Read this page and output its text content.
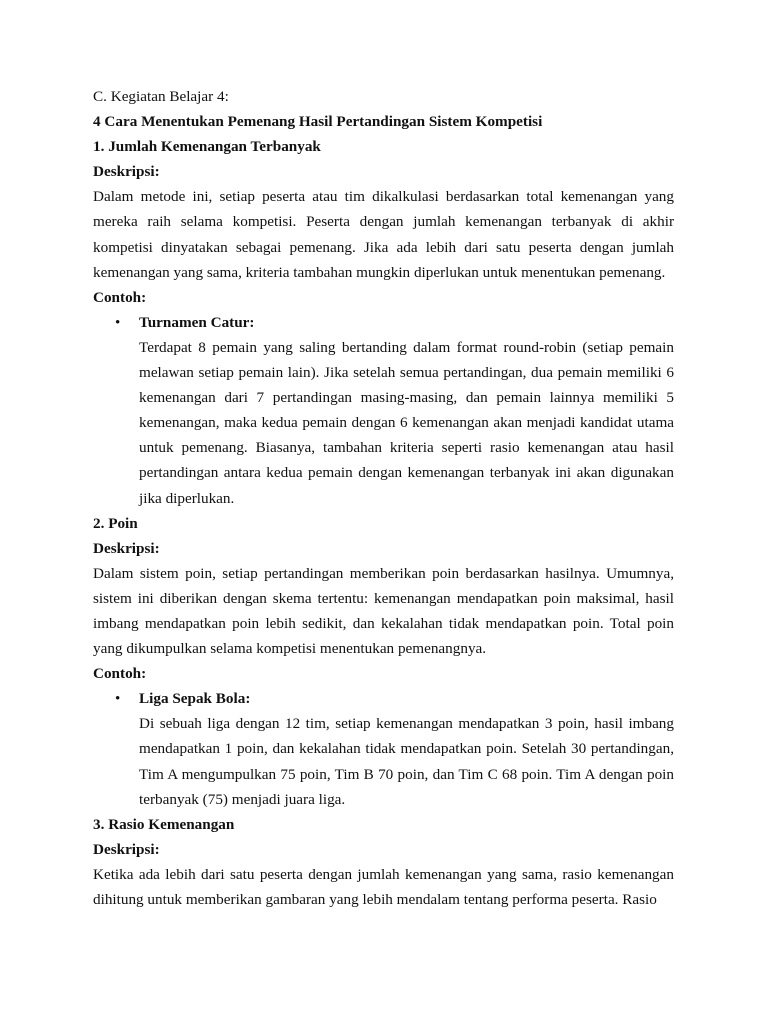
C. Kegiatan Belajar 4:

4 Cara Menentukan Pemenang Hasil Pertandingan Sistem Kompetisi

1. Jumlah Kemenangan Terbanyak

Deskripsi:

Dalam metode ini, setiap peserta atau tim dikalkulasi berdasarkan total kemenangan yang mereka raih selama kompetisi. Peserta dengan jumlah kemenangan terbanyak di akhir kompetisi dinyatakan sebagai pemenang. Jika ada lebih dari satu peserta dengan jumlah kemenangan yang sama, kriteria tambahan mungkin diperlukan untuk menentukan pemenang.

Contoh:

• Turnamen Catur:

Terdapat 8 pemain yang saling bertanding dalam format round-robin (setiap pemain melawan setiap pemain lain). Jika setelah semua pertandingan, dua pemain memiliki 6 kemenangan dari 7 pertandingan masing-masing, dan pemain lainnya memiliki 5 kemenangan, maka kedua pemain dengan 6 kemenangan akan menjadi kandidat utama untuk pemenang. Biasanya, tambahan kriteria seperti rasio kemenangan atau hasil pertandingan antara kedua pemain dengan kemenangan terbanyak ini akan digunakan jika diperlukan.

2. Poin

Deskripsi:

Dalam sistem poin, setiap pertandingan memberikan poin berdasarkan hasilnya. Umumnya, sistem ini diberikan dengan skema tertentu: kemenangan mendapatkan poin maksimal, hasil imbang mendapatkan poin lebih sedikit, dan kekalahan tidak mendapatkan poin. Total poin yang dikumpulkan selama kompetisi menentukan pemenangnya.

Contoh:

• Liga Sepak Bola:

Di sebuah liga dengan 12 tim, setiap kemenangan mendapatkan 3 poin, hasil imbang mendapatkan 1 poin, dan kekalahan tidak mendapatkan poin. Setelah 30 pertandingan, Tim A mengumpulkan 75 poin, Tim B 70 poin, dan Tim C 68 poin. Tim A dengan poin terbanyak (75) menjadi juara liga.

3. Rasio Kemenangan

Deskripsi:

Ketika ada lebih dari satu peserta dengan jumlah kemenangan yang sama, rasio kemenangan dihitung untuk memberikan gambaran yang lebih mendalam tentang performa peserta. Rasio
